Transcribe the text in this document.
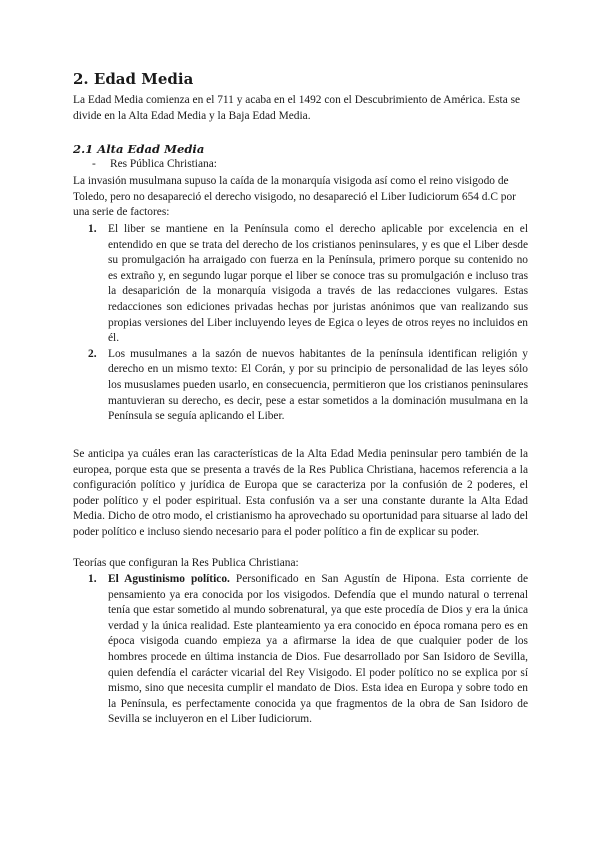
2. Edad Media

La Edad Media comienza en el 711 y acaba en el 1492 con el Descubrimiento de América. Esta se divide en la Alta Edad Media y la Baja Edad Media.

2.1 Alta Edad Media
- Res Pública Christiana:

La invasión musulmana supuso la caída de la monarquía visigoda así como el reino visigodo de Toledo, pero no desapareció el derecho visigodo, no desapareció el Liber Iudiciorum 654 d.C por una serie de factores:

1. El liber se mantiene en la Península como el derecho aplicable por excelencia en el entendido en que se trata del derecho de los cristianos peninsulares, y es que el Liber desde su promulgación ha arraigado con fuerza en la Península, primero porque su contenido no es extraño y, en segundo lugar porque el liber se conoce tras su promulgación e incluso tras la desaparición de la monarquía visigoda a través de las redacciones vulgares. Estas redacciones son ediciones privadas hechas por juristas anónimos que van realizando sus propias versiones del Liber incluyendo leyes de Egica o leyes de otros reyes no incluidos en él.
2. Los musulmanes a la sazón de nuevos habitantes de la península identifican religión y derecho en un mismo texto: El Corán, y por su principio de personalidad de las leyes sólo los mususlames pueden usarlo, en consecuencia, permitieron que los cristianos peninsulares mantuvieran su derecho, es decir, pese a estar sometidos a la dominación musulmana en la Península se seguía aplicando el Liber.

Se anticipa ya cuáles eran las características de la Alta Edad Media peninsular pero también de la europea, porque esta que se presenta a través de la Res Publica Christiana, hacemos referencia a la configuración político y jurídica de Europa que se caracteriza por la confusión de 2 poderes, el poder político y el poder espiritual. Esta confusión va a ser una constante durante la Alta Edad Media. Dicho de otro modo, el cristianismo ha aprovechado su oportunidad para situarse al lado del poder político e incluso siendo necesario para el poder político a fin de explicar su poder.

Teorías que configuran la Res Publica Christiana:

1. El Agustinismo político. Personificado en San Agustín de Hipona. Esta corriente de pensamiento ya era conocida por los visigodos. Defendía que el mundo natural o terrenal tenía que estar sometido al mundo sobrenatural, ya que este procedía de Dios y era la única verdad y la única realidad. Este planteamiento ya era conocido en época romana pero es en época visigoda cuando empieza ya a afirmarse la idea de que cualquier poder de los hombres procede en última instancia de Dios. Fue desarrollado por San Isidoro de Sevilla, quien defendía el carácter vicarial del Rey Visigodo. El poder político no se explica por sí mismo, sino que necesita cumplir el mandato de Dios. Esta idea en Europa y sobre todo en la Península, es perfectamente conocida ya que fragmentos de la obra de San Isidoro de Sevilla se incluyeron en el Liber Iudiciorum.
